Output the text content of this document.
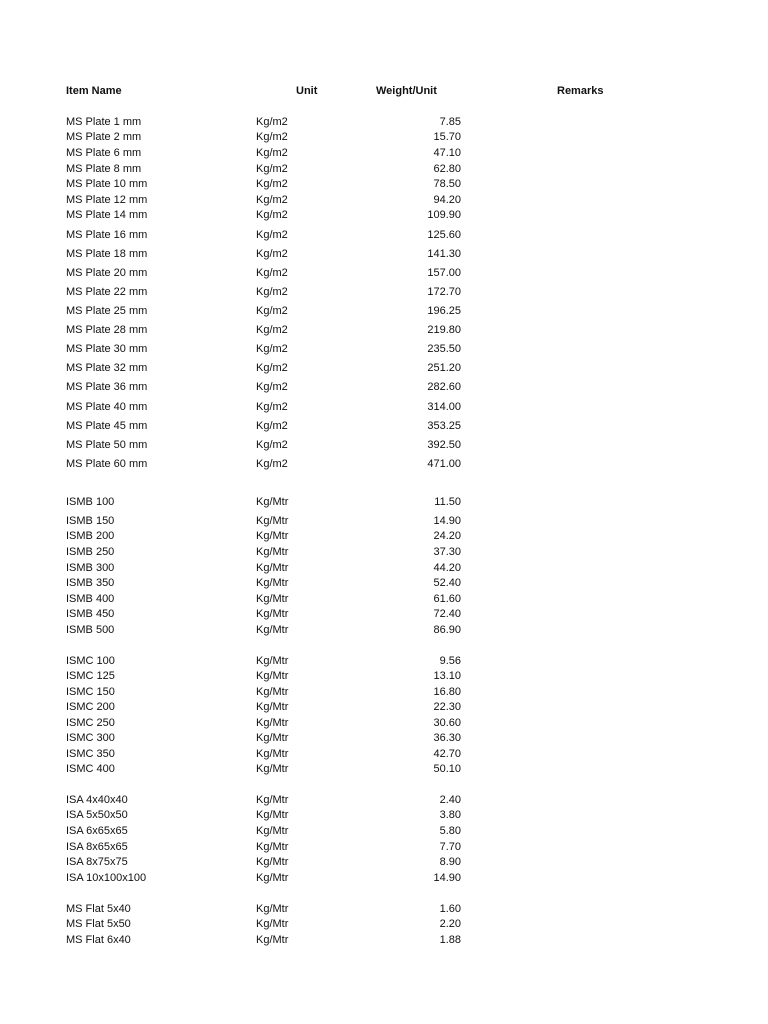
Item Name	Unit	Weight/Unit	Remarks
MS Plate 1 mm	Kg/m2	7.85
MS Plate 2 mm	Kg/m2	15.70
MS Plate 6 mm	Kg/m2	47.10
MS Plate 8 mm	Kg/m2	62.80
MS Plate 10 mm	Kg/m2	78.50
MS Plate 12 mm	Kg/m2	94.20
MS Plate 14 mm	Kg/m2	109.90
MS Plate 16 mm	Kg/m2	125.60
MS Plate 18 mm	Kg/m2	141.30
MS Plate 20 mm	Kg/m2	157.00
MS Plate 22 mm	Kg/m2	172.70
MS Plate 25 mm	Kg/m2	196.25
MS Plate 28 mm	Kg/m2	219.80
MS Plate 30 mm	Kg/m2	235.50
MS Plate 32 mm	Kg/m2	251.20
MS Plate 36 mm	Kg/m2	282.60
MS Plate 40 mm	Kg/m2	314.00
MS Plate 45 mm	Kg/m2	353.25
MS Plate 50 mm	Kg/m2	392.50
MS Plate 60 mm	Kg/m2	471.00
ISMB 100	Kg/Mtr	11.50
ISMB 150	Kg/Mtr	14.90
ISMB 200	Kg/Mtr	24.20
ISMB 250	Kg/Mtr	37.30
ISMB 300	Kg/Mtr	44.20
ISMB 350	Kg/Mtr	52.40
ISMB 400	Kg/Mtr	61.60
ISMB 450	Kg/Mtr	72.40
ISMB 500	Kg/Mtr	86.90
ISMC 100	Kg/Mtr	9.56
ISMC 125	Kg/Mtr	13.10
ISMC 150	Kg/Mtr	16.80
ISMC 200	Kg/Mtr	22.30
ISMC 250	Kg/Mtr	30.60
ISMC 300	Kg/Mtr	36.30
ISMC 350	Kg/Mtr	42.70
ISMC 400	Kg/Mtr	50.10
ISA 4x40x40	Kg/Mtr	2.40
ISA 5x50x50	Kg/Mtr	3.80
ISA 6x65x65	Kg/Mtr	5.80
ISA 8x65x65	Kg/Mtr	7.70
ISA 8x75x75	Kg/Mtr	8.90
ISA 10x100x100	Kg/Mtr	14.90
MS Flat 5x40	Kg/Mtr	1.60
MS Flat 5x50	Kg/Mtr	2.20
MS Flat 6x40	Kg/Mtr	1.88
